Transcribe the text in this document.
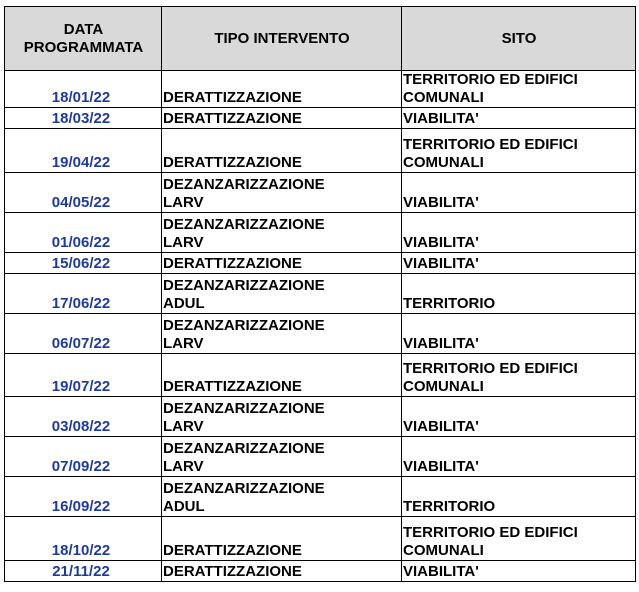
DATA
PROGRAMMATA	TIPO INTERVENTO	SITO
18/01/22	DERATTIZZAZIONE	TERRITORIO ED EDIFICI
COMUNALI

18/03/22	DERATTIZZAZIONE	VIABILITA'

19/04/22	DERATTIZZAZIONE	TERRITORIO ED EDIFICI
COMUNALI

04/05/22	DEZANZARIZZAZIONE
LARV	VIABILITA'

01/06/22	DEZANZARIZZAZIONE
LARV	VIABILITA'

15/06/22	DERATTIZZAZIONE	VIABILITA'

17/06/22	DEZANZARIZZAZIONE
ADUL	TERRITORIO

06/07/22	DEZANZARIZZAZIONE
LARV	VIABILITA'

19/07/22	DERATTIZZAZIONE	TERRITORIO ED EDIFICI
COMUNALI

03/08/22	DEZANZARIZZAZIONE
LARV	VIABILITA'

07/09/22	DEZANZARIZZAZIONE
LARV	VIABILITA'

16/09/22	DEZANZARIZZAZIONE
ADUL	TERRITORIO

18/10/22	DERATTIZZAZIONE	TERRITORIO ED EDIFICI
COMUNALI

21/11/22	DERATTIZZAZIONE	VIABILITA'
